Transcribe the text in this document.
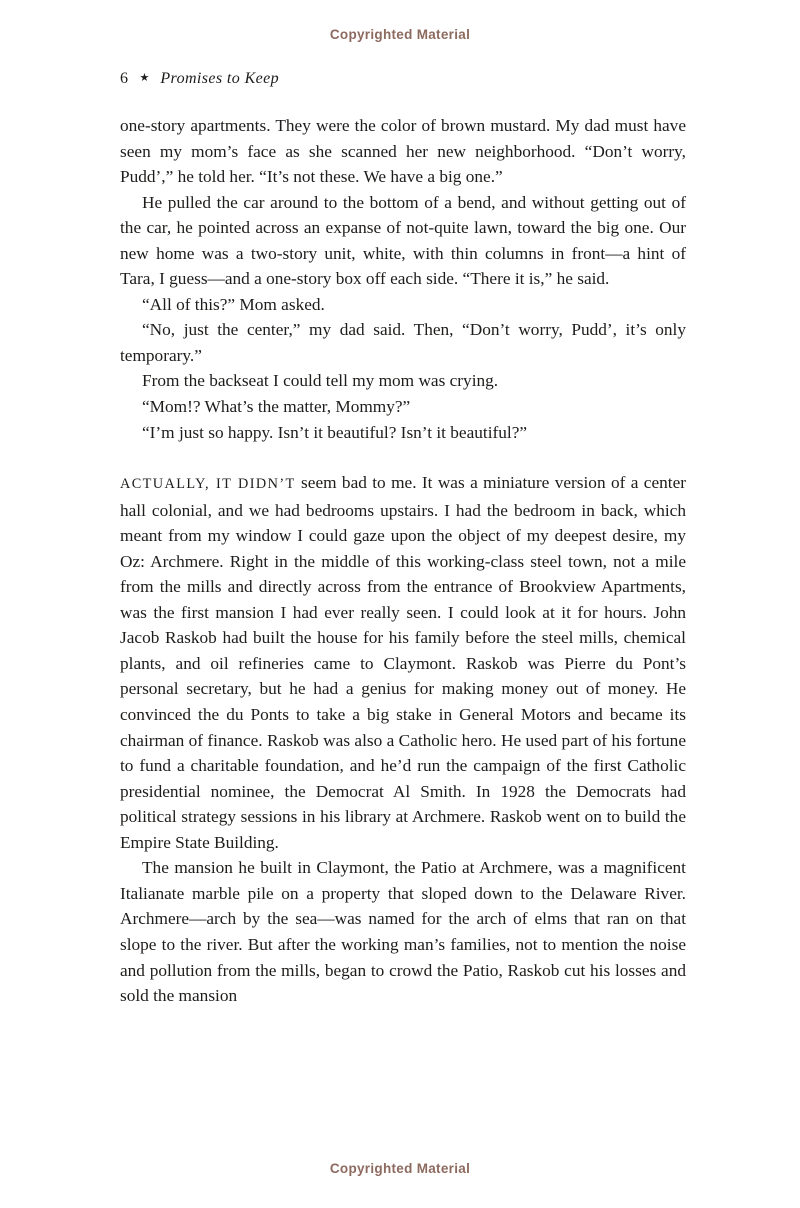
Copyrighted Material
6 ★ Promises to Keep

one-story apartments. They were the color of brown mustard. My dad must have seen my mom’s face as she scanned her new neighborhood. “Don’t worry, Pudd’,” he told her. “It’s not these. We have a big one.”

He pulled the car around to the bottom of a bend, and without getting out of the car, he pointed across an expanse of not-quite lawn, toward the big one. Our new home was a two-story unit, white, with thin columns in front—a hint of Tara, I guess—and a one-story box off each side. “There it is,” he said.

“All of this?” Mom asked.

“No, just the center,” my dad said. Then, “Don’t worry, Pudd’, it’s only temporary.”

From the backseat I could tell my mom was crying.

“Mom!? What’s the matter, Mommy?”

“I’m just so happy. Isn’t it beautiful? Isn’t it beautiful?”

ACTUALLY, IT DIDN’T seem bad to me. It was a miniature version of a center hall colonial, and we had bedrooms upstairs. I had the bedroom in back, which meant from my window I could gaze upon the object of my deepest desire, my Oz: Archmere. Right in the middle of this working-class steel town, not a mile from the mills and directly across from the entrance of Brookview Apartments, was the first mansion I had ever really seen. I could look at it for hours. John Jacob Raskob had built the house for his family before the steel mills, chemical plants, and oil refineries came to Claymont. Raskob was Pierre du Pont’s personal secretary, but he had a genius for making money out of money. He convinced the du Ponts to take a big stake in General Motors and became its chairman of finance. Raskob was also a Catholic hero. He used part of his fortune to fund a charitable foundation, and he’d run the campaign of the first Catholic presidential nominee, the Democrat Al Smith. In 1928 the Democrats had political strategy sessions in his library at Archmere. Raskob went on to build the Empire State Building.

The mansion he built in Claymont, the Patio at Archmere, was a magnificent Italianate marble pile on a property that sloped down to the Delaware River. Archmere—arch by the sea—was named for the arch of elms that ran on that slope to the river. But after the working man’s families, not to mention the noise and pollution from the mills, began to crowd the Patio, Raskob cut his losses and sold the mansion

Copyrighted Material
